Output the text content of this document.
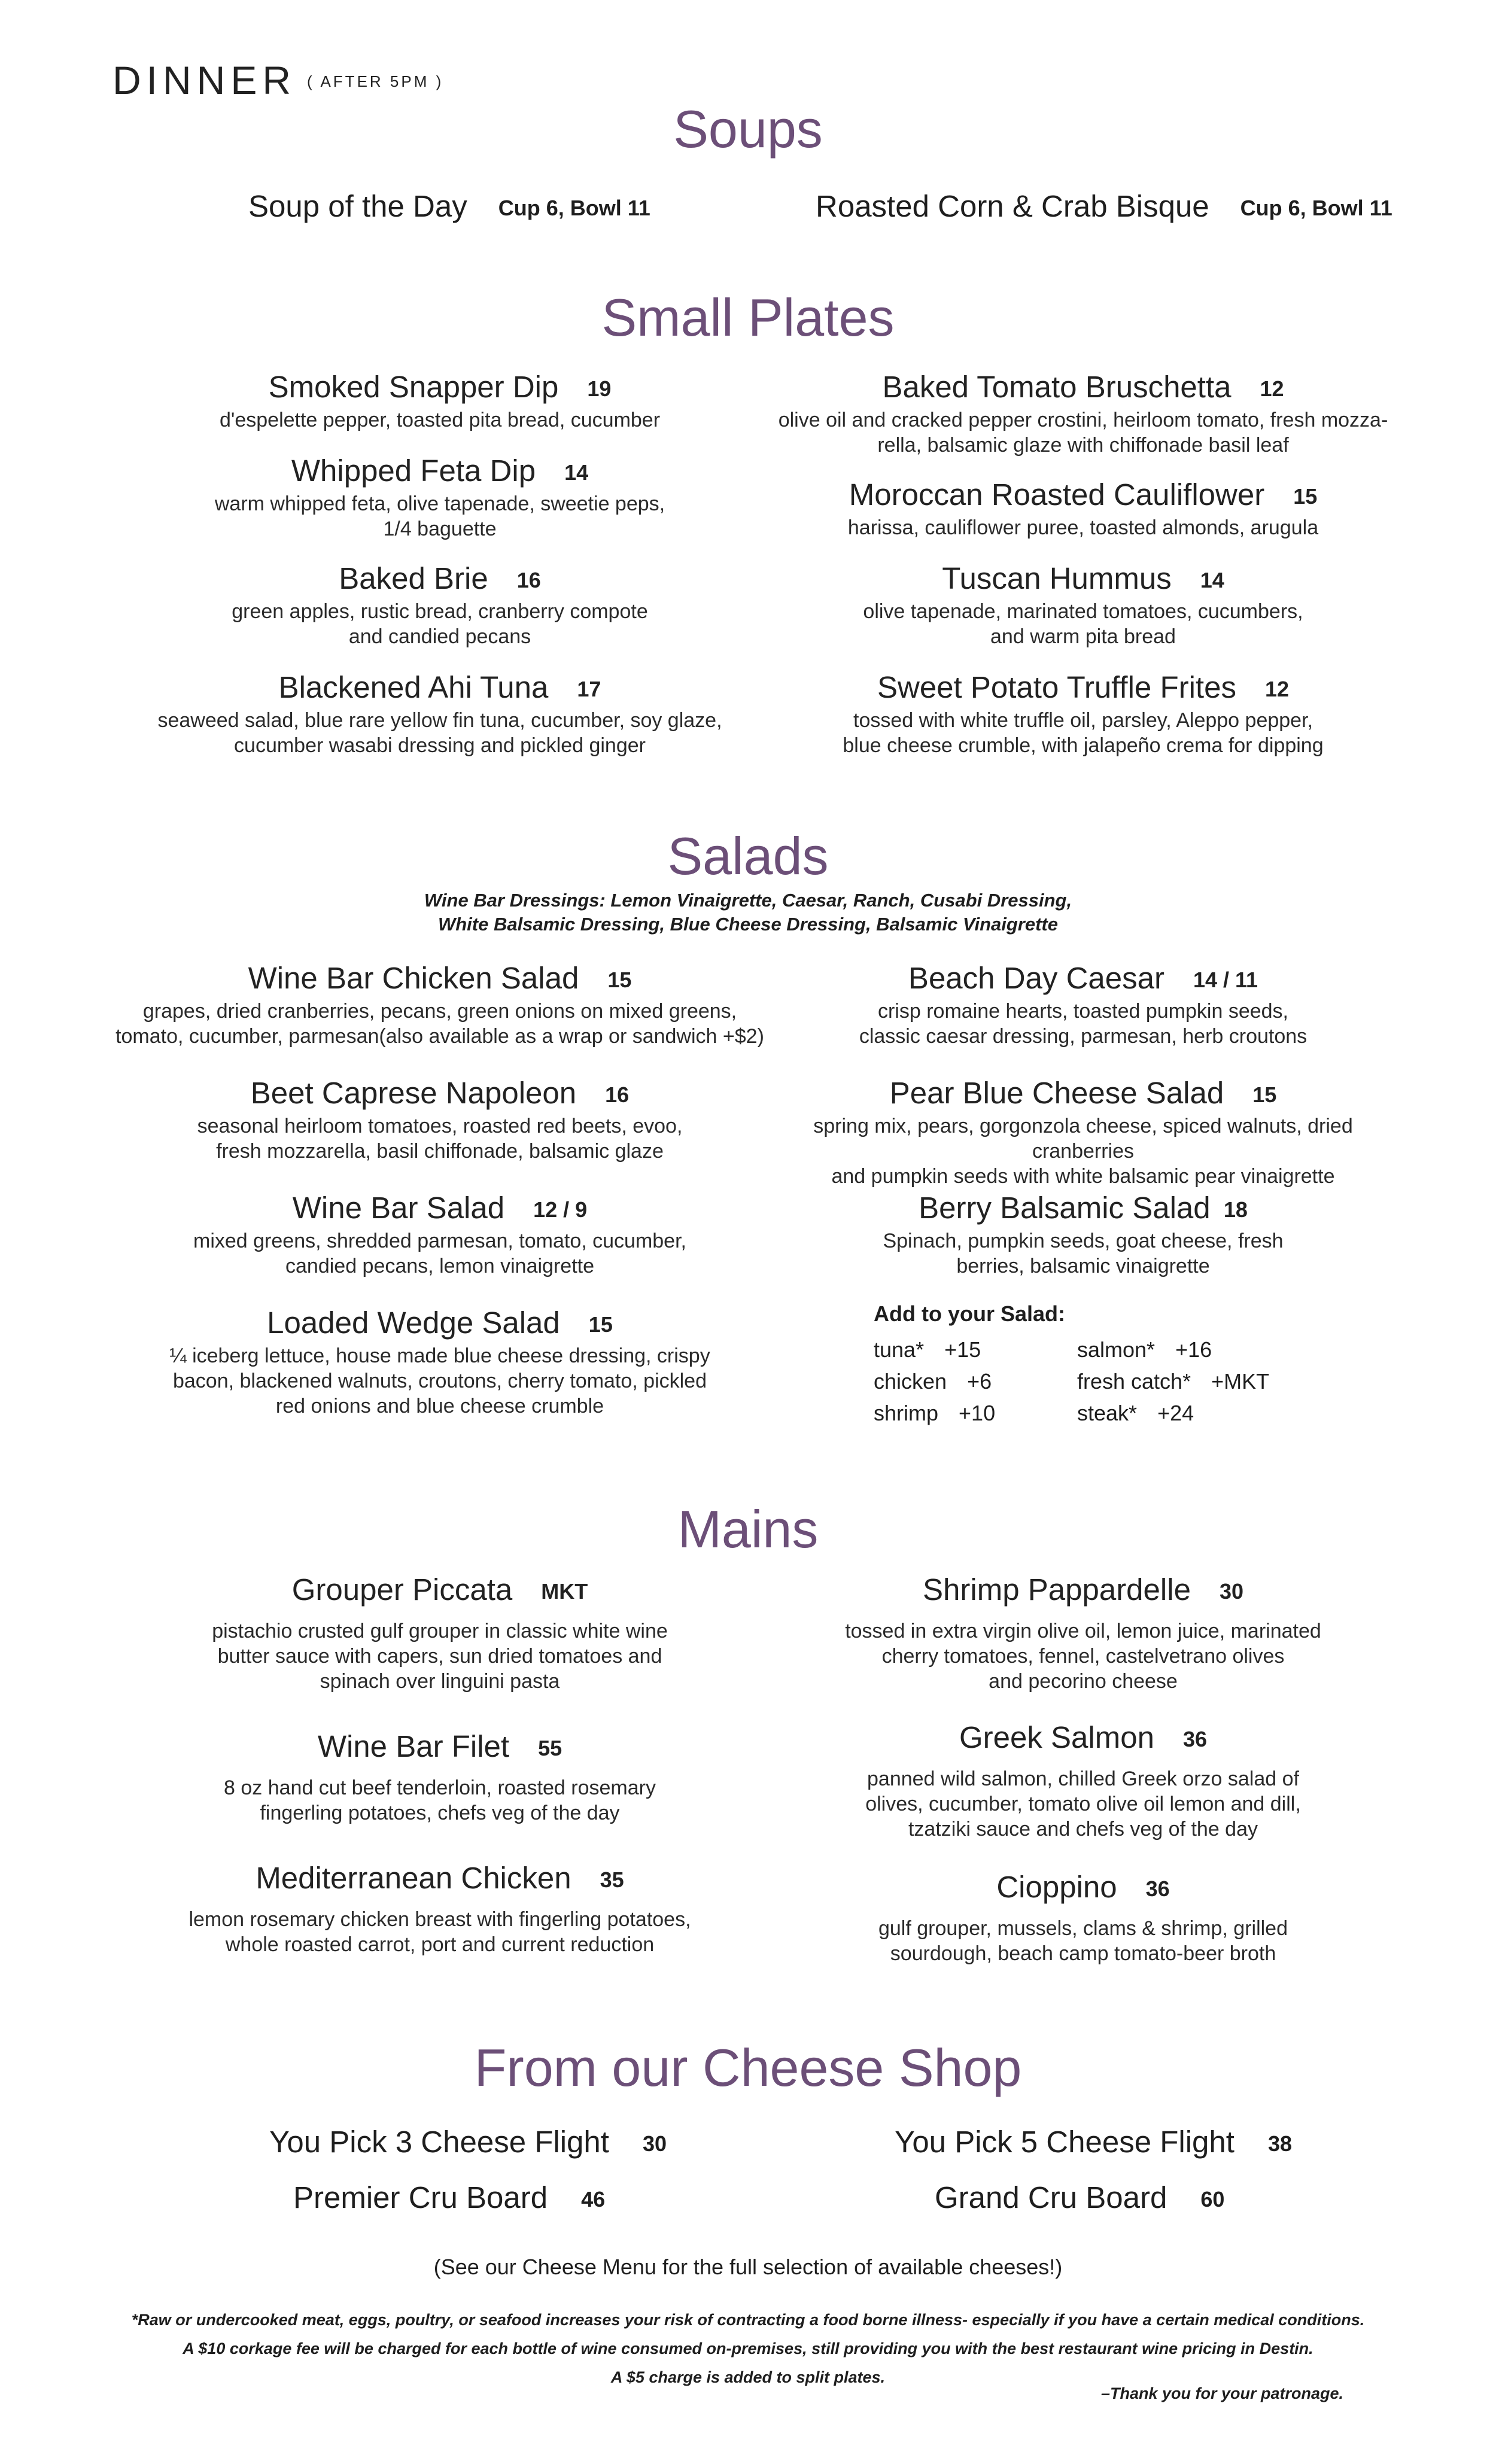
DINNER ( AFTER 5PM )
Soups
Soup of the Day Cup 6, Bowl 11	Roasted Corn & Crab Bisque Cup 6, Bowl 11
Small Plates
Smoked Snapper Dip 19
d'espelette pepper, toasted pita bread, cucumber
Whipped Feta Dip 14
warm whipped feta, olive tapenade, sweetie peps,
1/4 baguette
Baked Brie 16
green apples, rustic bread, cranberry compote
and candied pecans
Blackened Ahi Tuna 17
seaweed salad, blue rare yellow fin tuna, cucumber, soy glaze,
cucumber wasabi dressing and pickled ginger
Baked Tomato Bruschetta 12
olive oil and cracked pepper crostini, heirloom tomato, fresh mozza-
rella, balsamic glaze with chiffonade basil leaf
Moroccan Roasted Cauliflower 15
harissa, cauliflower puree, toasted almonds, arugula
Tuscan Hummus 14
olive tapenade, marinated tomatoes, cucumbers,
and warm pita bread
Sweet Potato Truffle Frites 12
tossed with white truffle oil, parsley, Aleppo pepper,
blue cheese crumble, with jalapeño crema for dipping
Salads
Wine Bar Dressings: Lemon Vinaigrette, Caesar, Ranch, Cusabi Dressing,
White Balsamic Dressing, Blue Cheese Dressing, Balsamic Vinaigrette
Wine Bar Chicken Salad 15
grapes, dried cranberries, pecans, green onions on mixed greens,
tomato, cucumber, parmesan(also available as a wrap or sandwich +$2)
Beet Caprese Napoleon 16
seasonal heirloom tomatoes, roasted red beets, evoo,
fresh mozzarella, basil chiffonade, balsamic glaze
Wine Bar Salad 12 / 9
mixed greens, shredded parmesan, tomato, cucumber,
candied pecans, lemon vinaigrette
Loaded Wedge Salad 15
¼ iceberg lettuce, house made blue cheese dressing, crispy
bacon, blackened walnuts, croutons, cherry tomato, pickled
red onions and blue cheese crumble
Beach Day Caesar 14 / 11
crisp romaine hearts, toasted pumpkin seeds,
classic caesar dressing, parmesan, herb croutons
Pear Blue Cheese Salad 15
spring mix, pears, gorgonzola cheese, spiced walnuts, dried cranberries
and pumpkin seeds with white balsamic pear vinaigrette
Berry Balsamic Salad 18
Spinach, pumpkin seeds, goat cheese, fresh
berries, balsamic vinaigrette
Add to your Salad:
tuna* +15	salmon* +16
chicken +6	fresh catch* +MKT
shrimp +10	steak* +24
Mains
Grouper Piccata MKT
pistachio crusted gulf grouper in classic white wine
butter sauce with capers, sun dried tomatoes and
spinach over linguini pasta
Wine Bar Filet 55
8 oz hand cut beef tenderloin, roasted rosemary
fingerling potatoes, chefs veg of the day
Mediterranean Chicken 35
lemon rosemary chicken breast with fingerling potatoes,
whole roasted carrot, port and current reduction
Shrimp Pappardelle 30
tossed in extra virgin olive oil, lemon juice, marinated
cherry tomatoes, fennel, castelvetrano olives
and pecorino cheese
Greek Salmon 36
panned wild salmon, chilled Greek orzo salad of
olives, cucumber, tomato olive oil lemon and dill,
tzatziki sauce and chefs veg of the day
Cioppino 36
gulf grouper, mussels, clams & shrimp, grilled
sourdough, beach camp tomato-beer broth
From our Cheese Shop
You Pick 3 Cheese Flight 30	You Pick 5 Cheese Flight 38
Premier Cru Board 46	Grand Cru Board 60
(See our Cheese Menu for the full selection of available cheeses!)
*Raw or undercooked meat, eggs, poultry, or seafood increases your risk of contracting a food borne illness- especially if you have a certain medical conditions.
A $10 corkage fee will be charged for each bottle of wine consumed on-premises, still providing you with the best restaurant wine pricing in Destin.
A $5 charge is added to split plates.
–Thank you for your patronage.
